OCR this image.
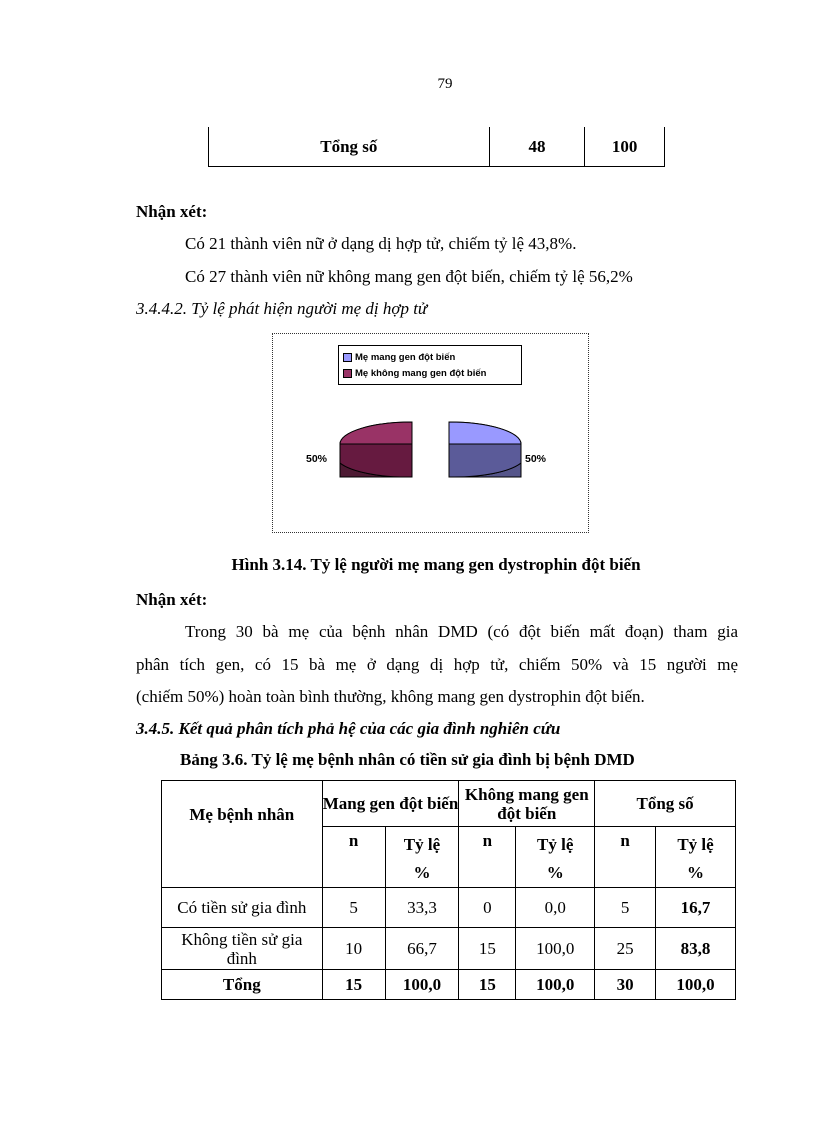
79
Tổng số	48	100
Nhận xét:
Có 21 thành viên nữ ở dạng dị hợp tử, chiếm tỷ lệ 43,8%.
Có 27 thành viên nữ không mang gen đột biến, chiếm tỷ lệ 56,2%
3.4.4.2. Tỷ lệ phát hiện người mẹ dị hợp tử
Mẹ mang gen đột biến
Mẹ không mang gen đột biến
50%	50%
Hình 3.14. Tỷ lệ người mẹ mang gen dystrophin đột biến
Nhận xét:
Trong 30 bà mẹ của bệnh nhân DMD (có đột biến mất đoạn) tham gia
phân tích gen, có 15 bà mẹ ở dạng dị hợp tử, chiếm 50% và 15 người mẹ
(chiếm 50%) hoàn toàn bình thường, không mang gen dystrophin đột biến.
3.4.5. Kết quả phân tích phả hệ của các gia đình nghiên cứu
Bảng 3.6. Tỷ lệ mẹ bệnh nhân có tiền sử gia đình bị bệnh DMD
Mẹ bệnh nhân	Mang gen đột biến		Không mang gen đột biến		Tổng số	
	n	Tỷ lệ %	n	Tỷ lệ %	n	Tỷ lệ %
Có tiền sử gia đình	5	33,3	0	0,0	5	16,7
Không tiền sử gia đình	10	66,7	15	100,0	25	83,8
Tổng	15	100,0	15	100,0	30	100,0
